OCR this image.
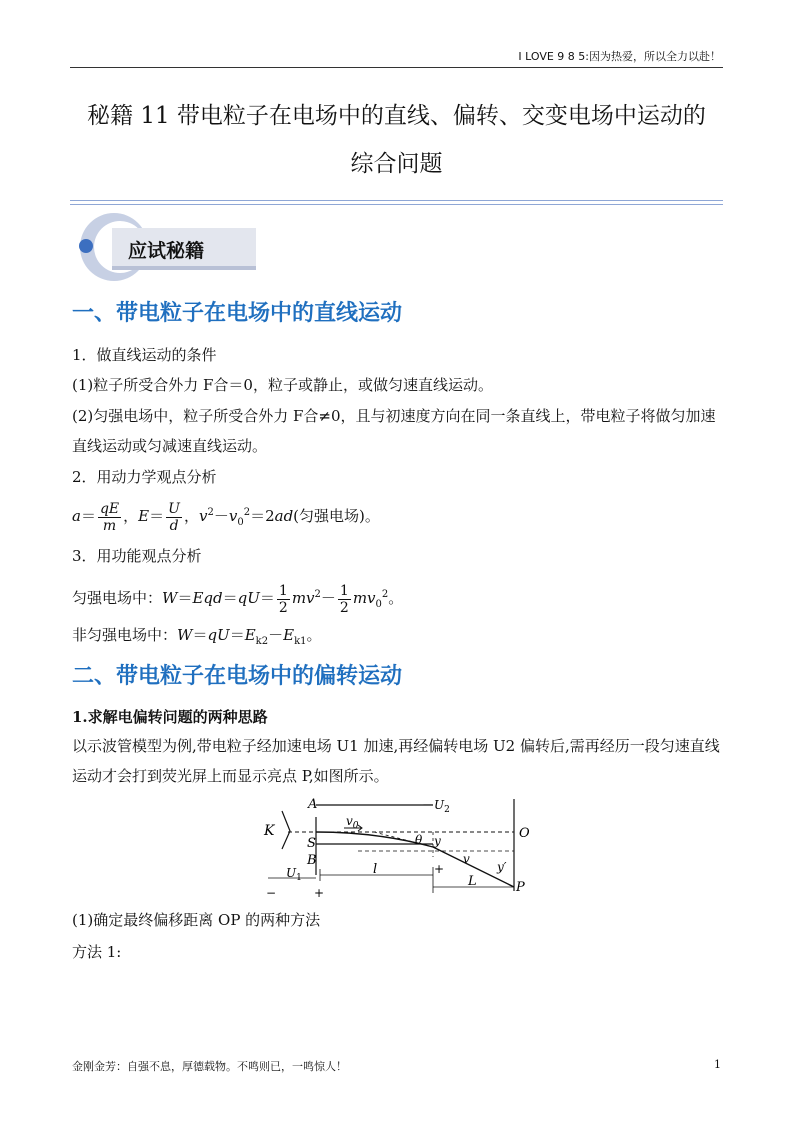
I LOVE 9 8 5:因为热爱，所以全力以赴！
秘籍 11 带电粒子在电场中的直线、偏转、交变电场中运动的
综合问题
应试秘籍
一、带电粒子在电场中的直线运动
1．做直线运动的条件
(1)粒子所受合外力 F合＝0，粒子或静止，或做匀速直线运动。
(2)匀强电场中，粒子所受合外力 F合≠0，且与初速度方向在同一条直线上，带电粒子将做匀加速直线运动或匀减速直线运动。
2．用动力学观点分析
$a= \frac{qE}{m}$ ，$E= \frac{U}{d}$ ，$v^2-v_0^2=2ad$(匀强电场)。
3．用功能观点分析
匀强电场中：$W=Eqd=qU= \frac{1}{2} mv^2- \frac{1}{2} mv_0^2$。
非匀强电场中：$W=qU=E_{k2}-E_{k1}$。
二、带电粒子在电场中的偏转运动
1.求解电偏转问题的两种思路
以示波管模型为例,带电粒子经加速电场 U1 加速,再经偏转电场 U2 偏转后,需再经历一段匀速直线运动才会打到荧光屏上而显示亮点 P,如图所示。
K
A
S
B
O
P
$-U_2$
$v_0$
θ y
v
y′
l
L
$U_1$
−	+
+
(1)确定最终偏移距离 OP 的两种方法
方法 1:
金刚金芳：自强不息，厚德载物。不鸣则已，一鸣惊人！	1
